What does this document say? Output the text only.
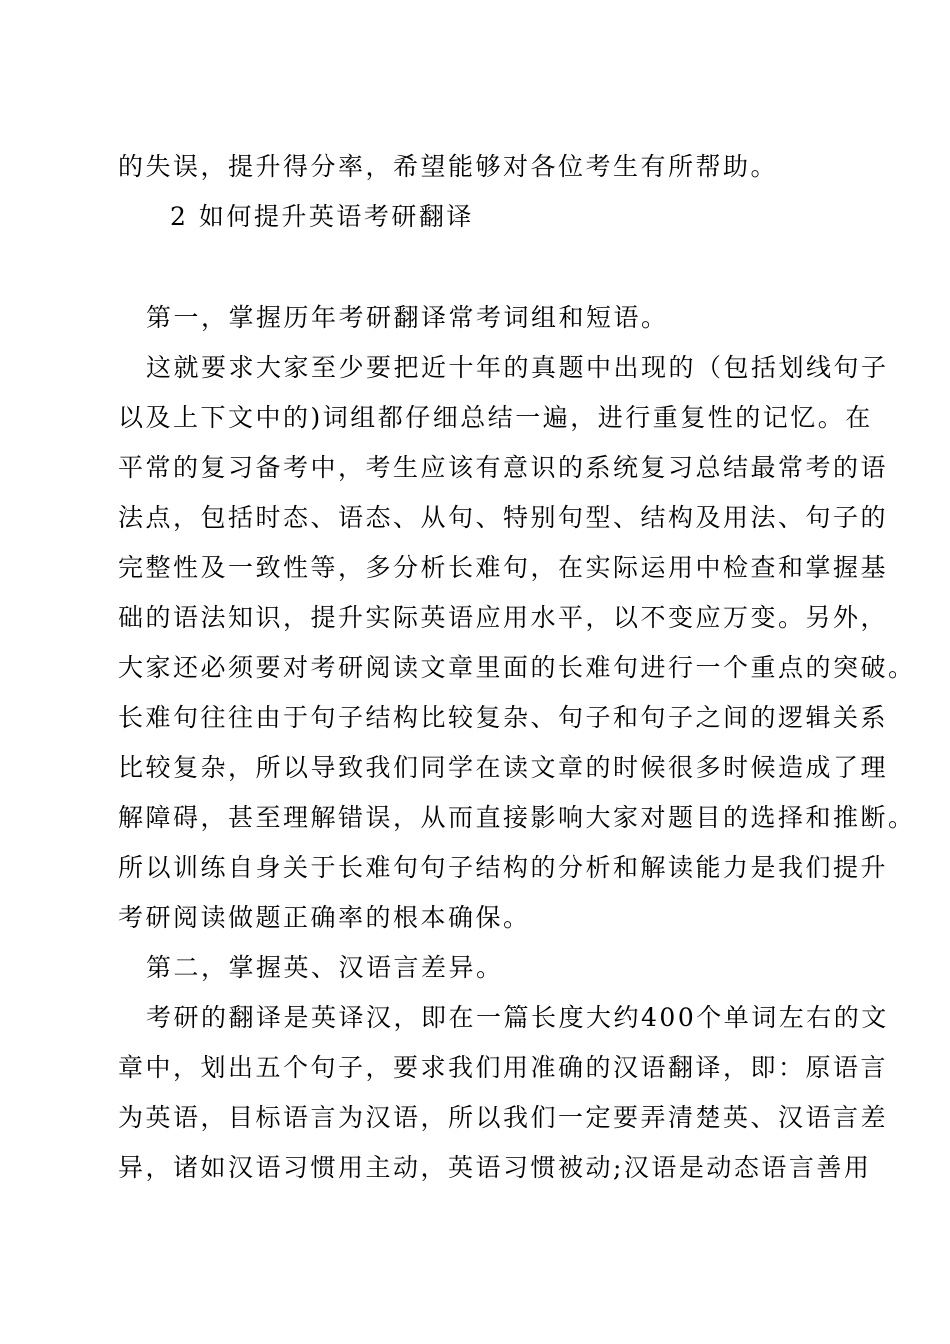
的失误，提升得分率，希望能够对各位考生有所帮助。
2 如何提升英语考研翻译
第一，掌握历年考研翻译常考词组和短语。
这就要求大家至少要把近十年的真题中出现的（包括划线句子
以及上下文中的)词组都仔细总结一遍，进行重复性的记忆。在
平常的复习备考中，考生应该有意识的系统复习总结最常考的语
法点，包括时态、语态、从句、特别句型、结构及用法、句子的
完整性及一致性等，多分析长难句，在实际运用中检查和掌握基
础的语法知识，提升实际英语应用水平，以不变应万变。另外，
大家还必须要对考研阅读文章里面的长难句进行一个重点的突破。
长难句往往由于句子结构比较复杂、句子和句子之间的逻辑关系
比较复杂，所以导致我们同学在读文章的时候很多时候造成了理
解障碍，甚至理解错误，从而直接影响大家对题目的选择和推断。
所以训练自身关于长难句句子结构的分析和解读能力是我们提升
考研阅读做题正确率的根本确保。
第二，掌握英、汉语言差异。
考研的翻译是英译汉，即在一篇长度大约400个单词左右的文
章中，划出五个句子，要求我们用准确的汉语翻译，即：原语言
为英语，目标语言为汉语，所以我们一定要弄清楚英、汉语言差
异，诸如汉语习惯用主动，英语习惯被动;汉语是动态语言善用
